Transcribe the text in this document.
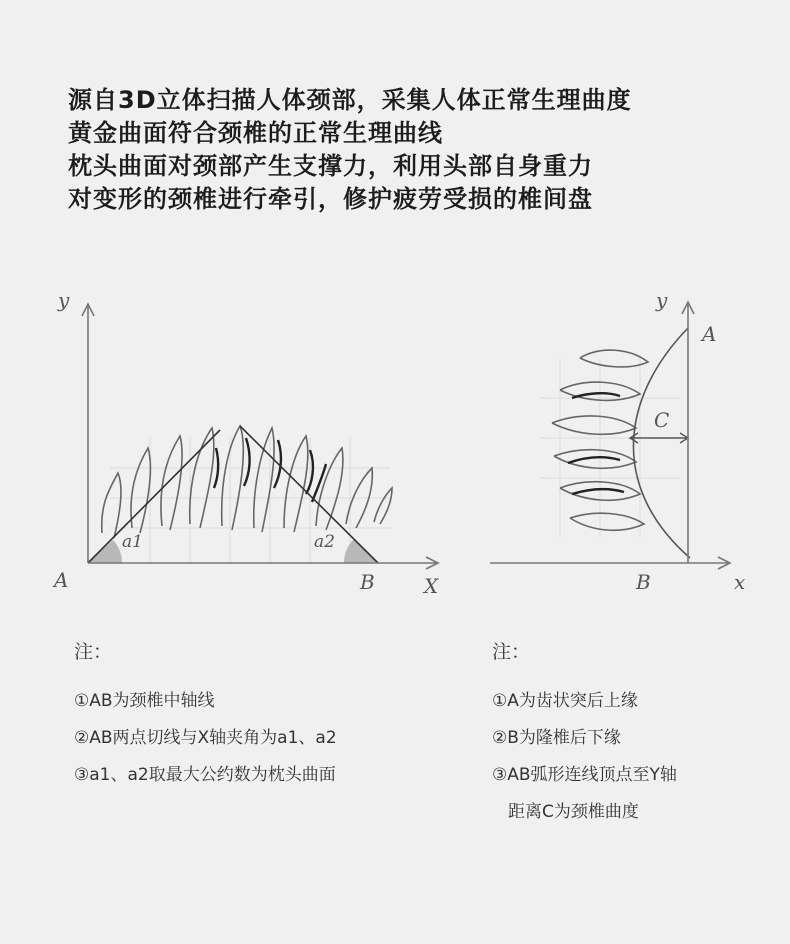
源自3D立体扫描人体颈部，采集人体正常生理曲度
黄金曲面符合颈椎的正常生理曲线
枕头曲面对颈部产生支撑力，利用头部自身重力
对变形的颈椎进行牵引，修护疲劳受损的椎间盘
y
X
A	B
a1	a2
y
x
A
B
C
注：
①AB为颈椎中轴线
②AB两点切线与X轴夹角为a1、a2
③a1、a2取最大公约数为枕头曲面
注：
①A为齿状突后上缘
②B为隆椎后下缘
③AB弧形连线顶点至Y轴
距离C为颈椎曲度
